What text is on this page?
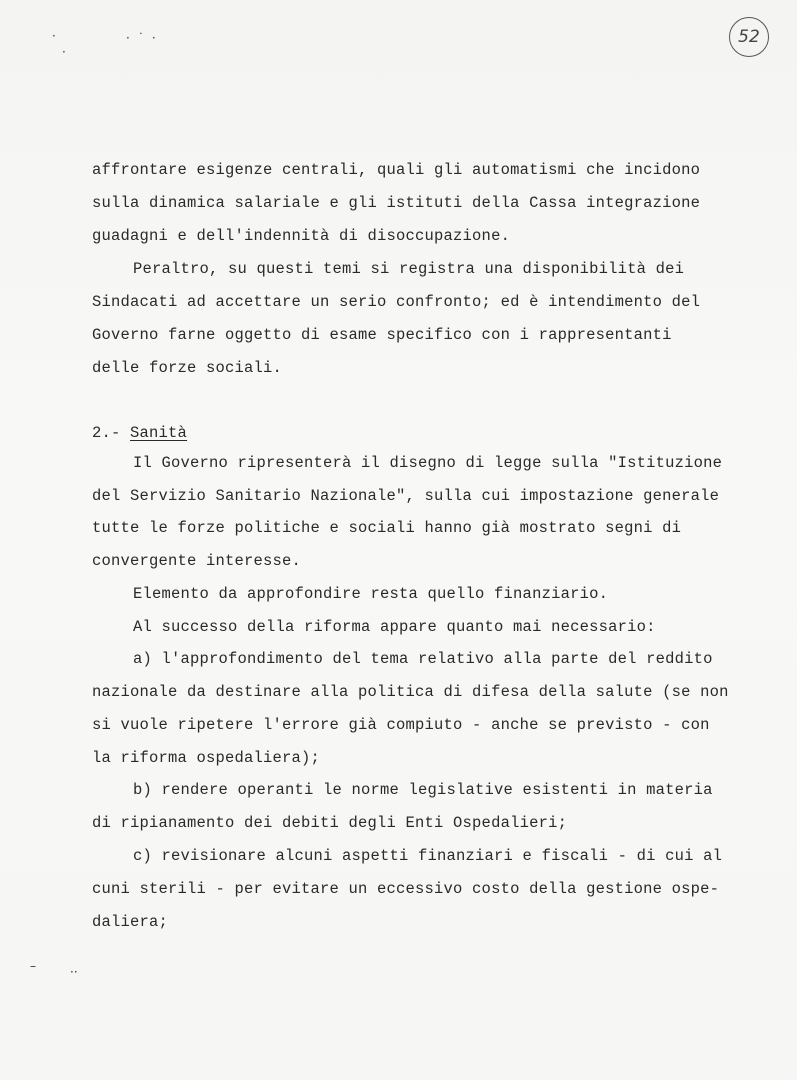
·
·
·˙·
–	··
52
affrontare esigenze centrali, quali gli automatismi che incidono
sulla dinamica salariale e gli istituti della Cassa integrazione
guadagni e dell'indennità di disoccupazione.
Peraltro, su questi temi si registra una disponibilità dei
Sindacati ad accettare un serio confronto; ed è intendimento del
Governo farne oggetto di esame specifico con i rappresentanti
delle forze sociali.
2.- Sanità
Il Governo ripresenterà il disegno di legge sulla "Istituzione
del Servizio Sanitario Nazionale", sulla cui impostazione generale
tutte le forze politiche e sociali hanno già mostrato segni di
convergente interesse.
Elemento da approfondire resta quello finanziario.
Al successo della riforma appare quanto mai necessario:
a) l'approfondimento del tema relativo alla parte del reddito
nazionale da destinare alla politica di difesa della salute (se non
si vuole ripetere l'errore già compiuto - anche se previsto - con
la riforma ospedaliera);
b) rendere operanti le norme legislative esistenti in materia
di ripianamento dei debiti degli Enti Ospedalieri;
c) revisionare alcuni aspetti finanziari e fiscali - di cui al
cuni sterili - per evitare un eccessivo costo della gestione ospe-
daliera;
